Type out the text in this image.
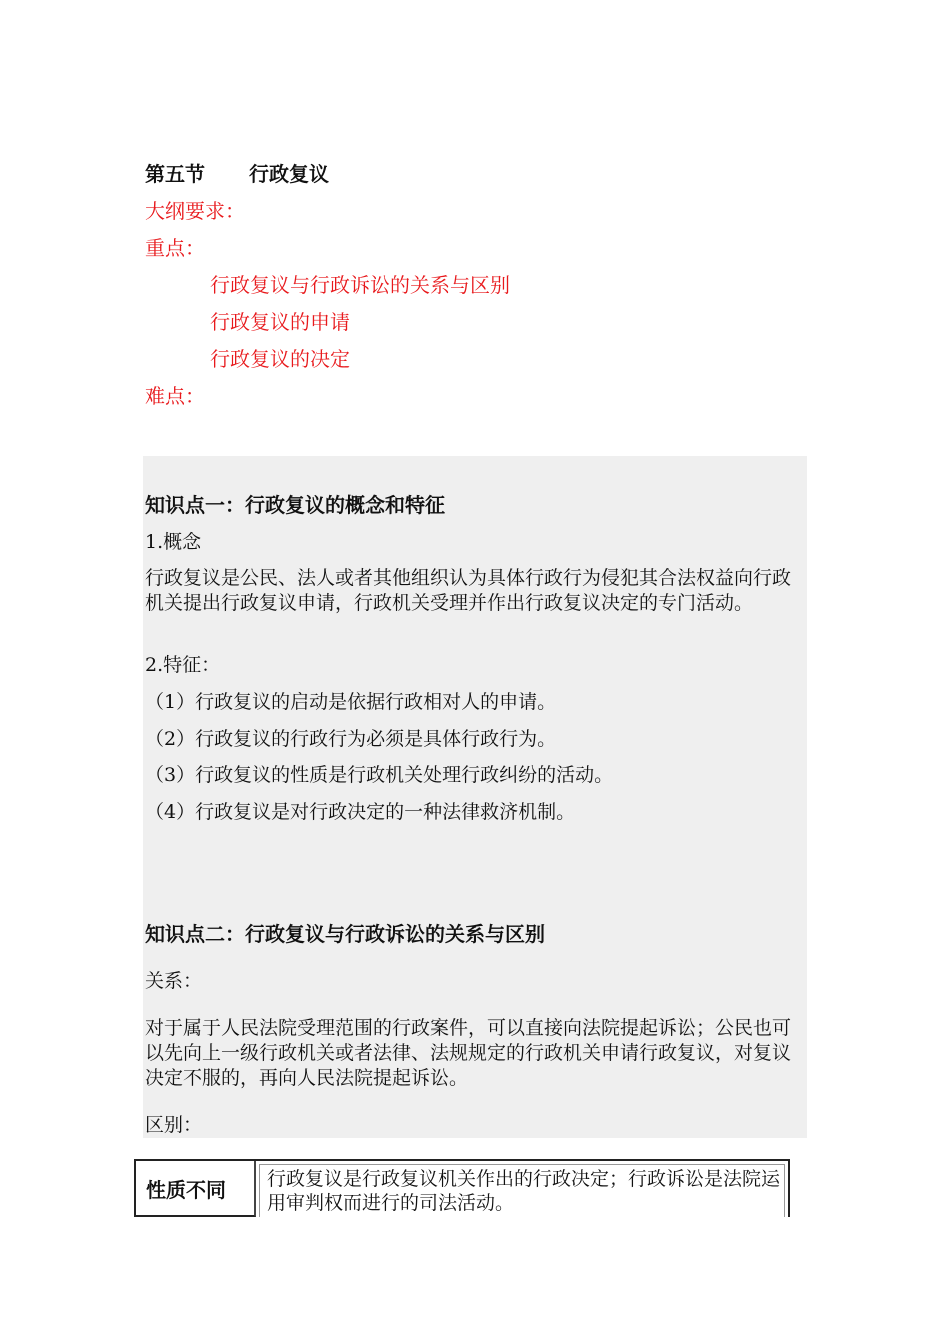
第五节 行政复议
大纲要求：
重点：
行政复议与行政诉讼的关系与区别
行政复议的申请
行政复议的决定
难点：
知识点一：行政复议的概念和特征
1.概念
行政复议是公民、法人或者其他组织认为具体行政行为侵犯其合法权益向行政机关提出行政复议申请，行政机关受理并作出行政复议决定的专门活动。
2.特征：
（1）行政复议的启动是依据行政相对人的申请。
（2）行政复议的行政行为必须是具体行政行为。
（3）行政复议的性质是行政机关处理行政纠纷的活动。
（4）行政复议是对行政决定的一种法律救济机制。
知识点二：行政复议与行政诉讼的关系与区别
关系：
对于属于人民法院受理范围的行政案件，可以直接向法院提起诉讼；公民也可以先向上一级行政机关或者法律、法规规定的行政机关申请行政复议，对复议决定不服的，再向人民法院提起诉讼。
区别：
性质不同	行政复议是行政复议机关作出的行政决定；行政诉讼是法院运用审判权而进行的司法活动。
